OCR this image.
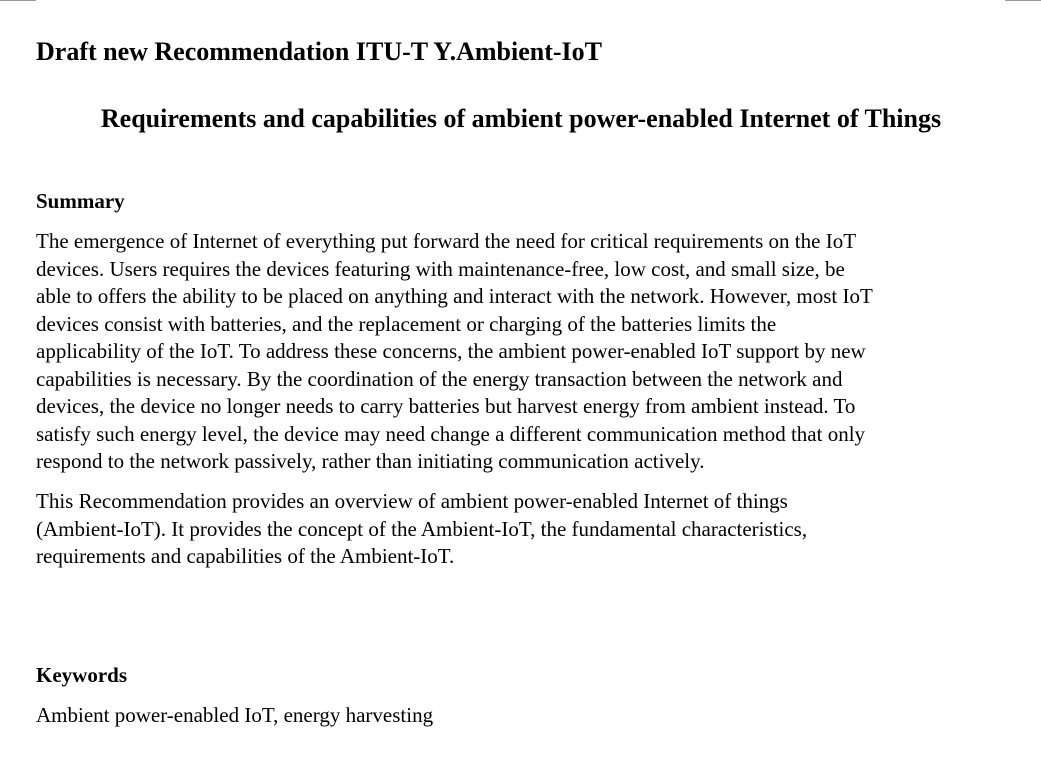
Draft new Recommendation ITU-T Y.Ambient-IoT
Requirements and capabilities of ambient power-enabled Internet of Things
Summary
The emergence of Internet of everything put forward the need for critical requirements on the IoT
devices. Users requires the devices featuring with maintenance-free, low cost, and small size, be
able to offers the ability to be placed on anything and interact with the network. However, most IoT
devices consist with batteries, and the replacement or charging of the batteries limits the
applicability of the IoT. To address these concerns, the ambient power-enabled IoT support by new
capabilities is necessary. By the coordination of the energy transaction between the network and
devices, the device no longer needs to carry batteries but harvest energy from ambient instead. To
satisfy such energy level, the device may need change a different communication method that only
respond to the network passively, rather than initiating communication actively.
This Recommendation provides an overview of ambient power-enabled Internet of things
(Ambient-IoT). It provides the concept of the Ambient-IoT, the fundamental characteristics,
requirements and capabilities of the Ambient-IoT.
Keywords
Ambient power-enabled IoT, energy harvesting
